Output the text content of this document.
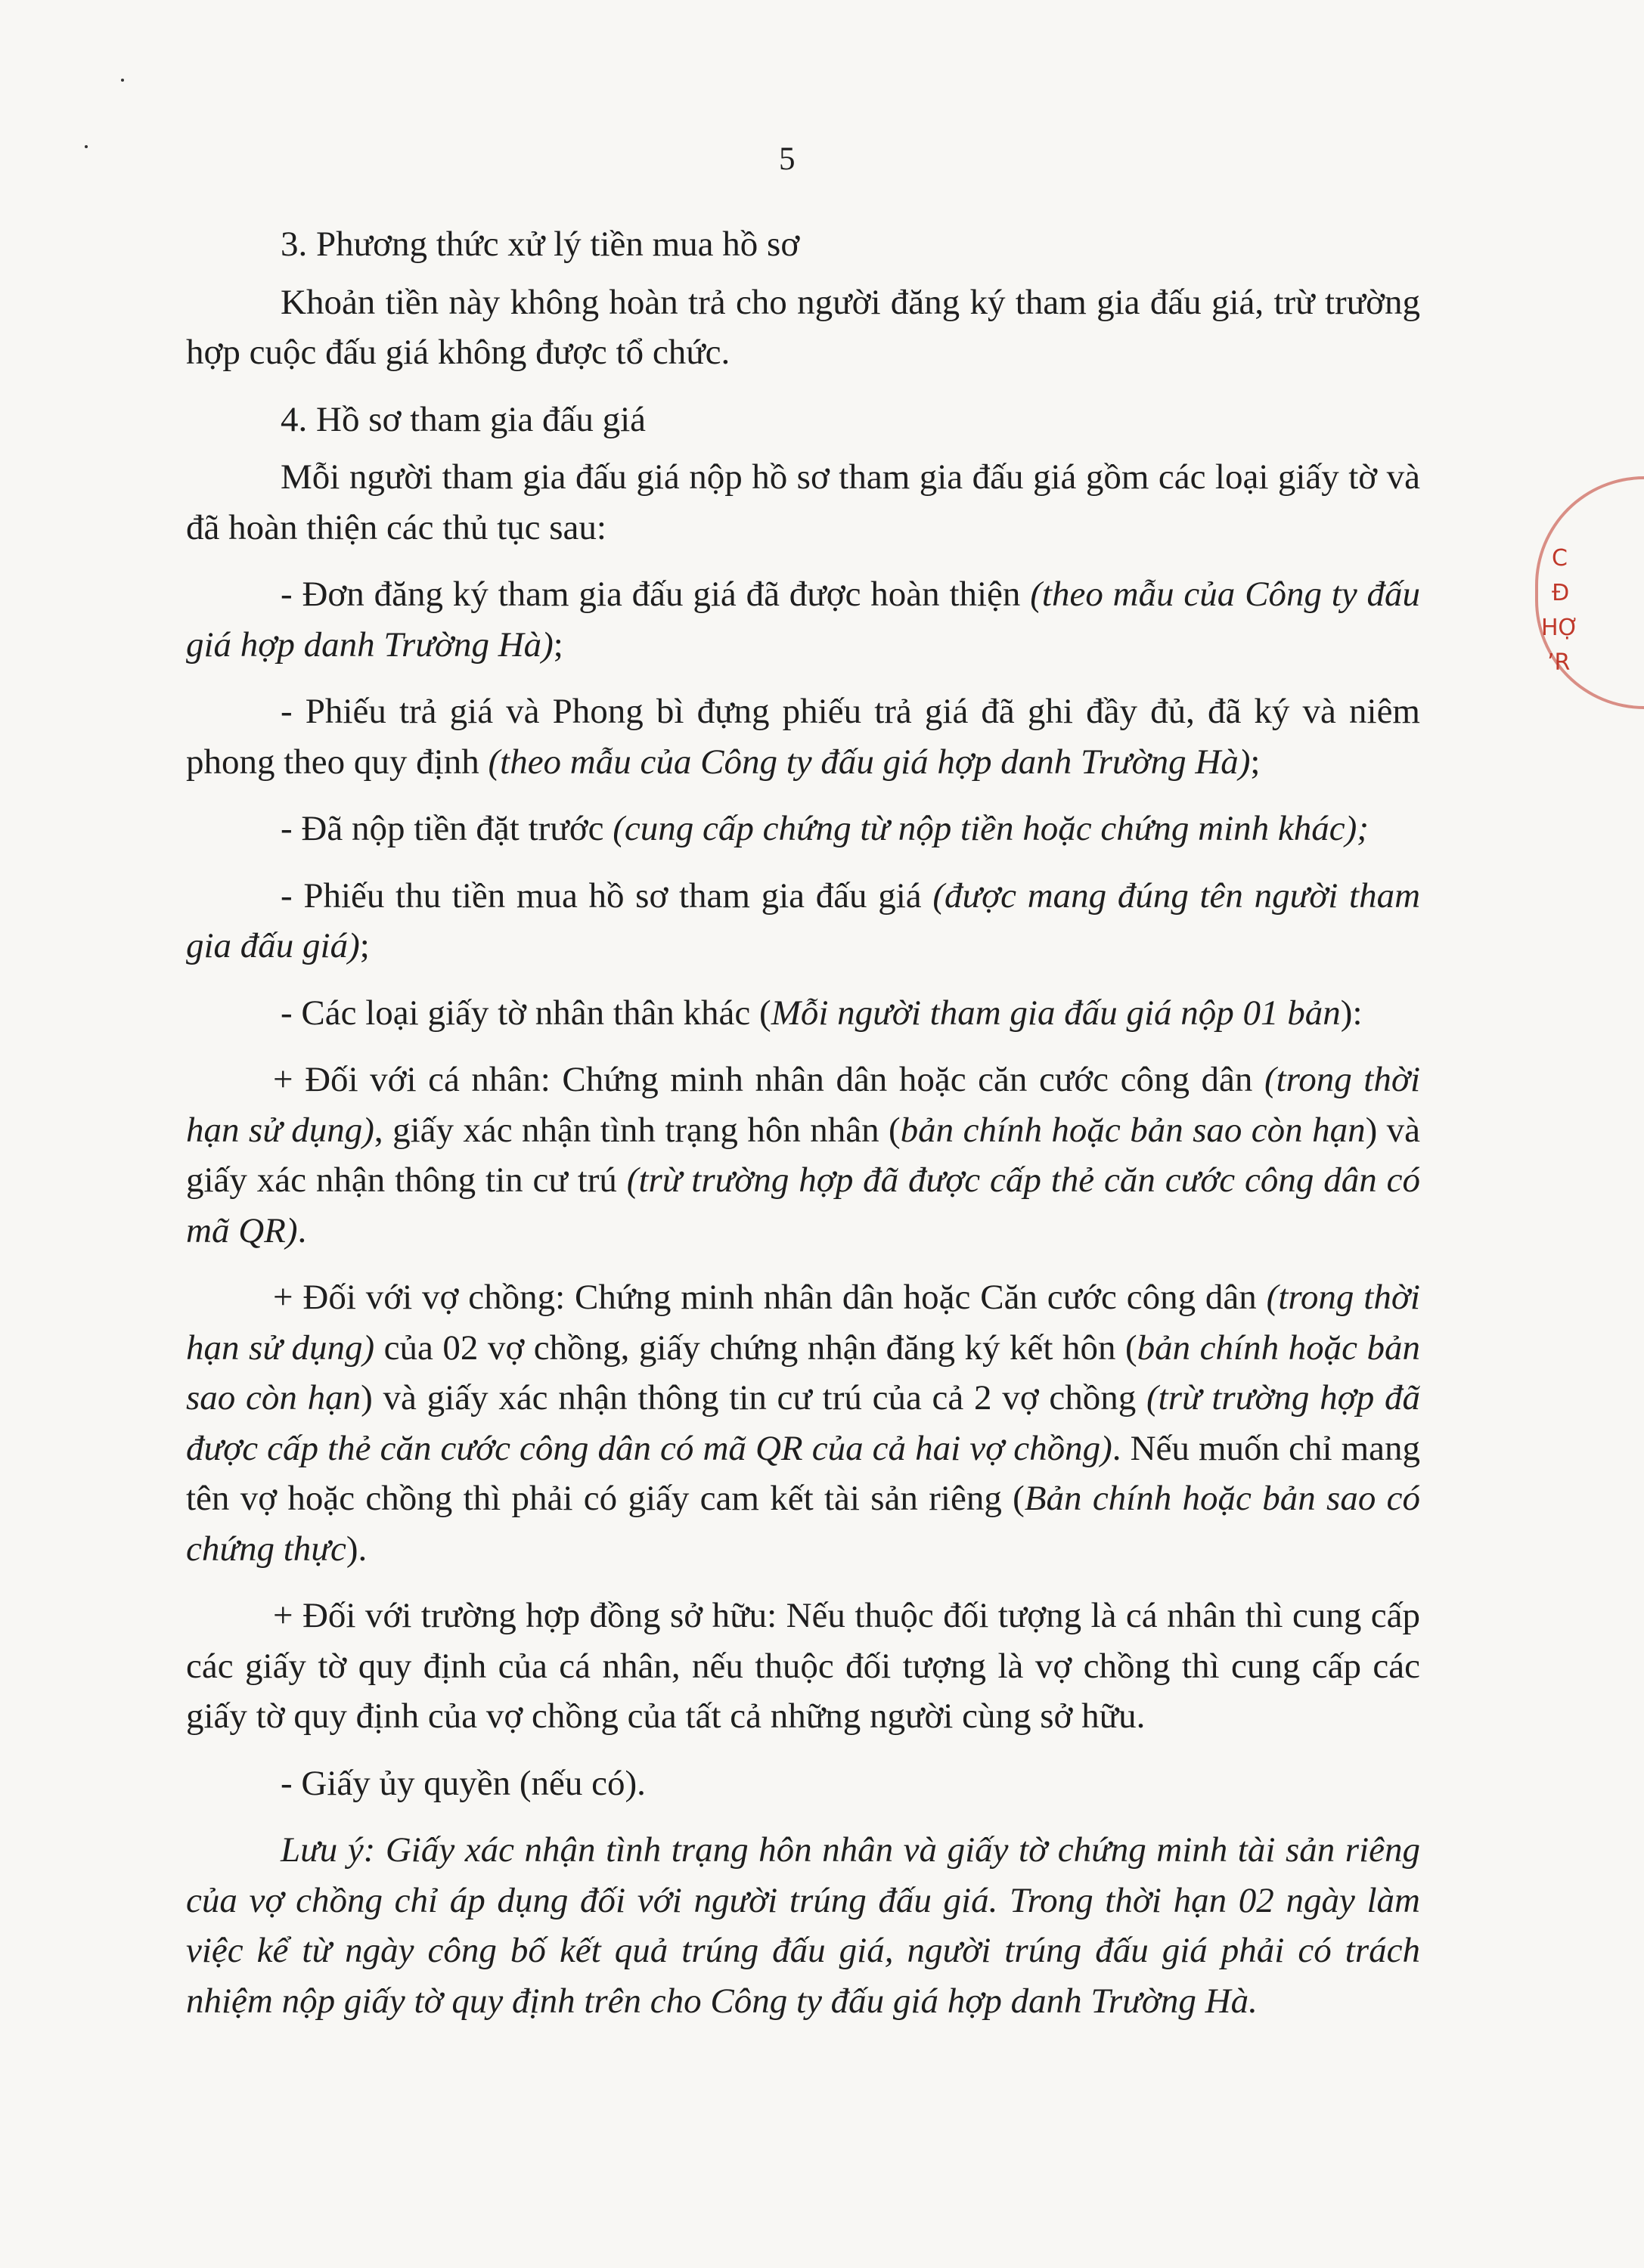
5
C
Đ
HỢ
ʼR

3. Phương thức xử lý tiền mua hồ sơ

Khoản tiền này không hoàn trả cho người đăng ký tham gia đấu giá, trừ trường hợp cuộc đấu giá không được tổ chức.

4. Hồ sơ tham gia đấu giá

Mỗi người tham gia đấu giá nộp hồ sơ tham gia đấu giá gồm các loại giấy tờ và đã hoàn thiện các thủ tục sau:

- Đơn đăng ký tham gia đấu giá đã được hoàn thiện (theo mẫu của Công ty đấu giá hợp danh Trường Hà);

- Phiếu trả giá và Phong bì đựng phiếu trả giá đã ghi đầy đủ, đã ký và niêm phong theo quy định (theo mẫu của Công ty đấu giá hợp danh Trường Hà);

- Đã nộp tiền đặt trước (cung cấp chứng từ nộp tiền hoặc chứng minh khác);

- Phiếu thu tiền mua hồ sơ tham gia đấu giá (được mang đúng tên người tham gia đấu giá);

- Các loại giấy tờ nhân thân khác (Mỗi người tham gia đấu giá nộp 01 bản):

+ Đối với cá nhân: Chứng minh nhân dân hoặc căn cước công dân (trong thời hạn sử dụng), giấy xác nhận tình trạng hôn nhân (bản chính hoặc bản sao còn hạn) và giấy xác nhận thông tin cư trú (trừ trường hợp đã được cấp thẻ căn cước công dân có mã QR).

+ Đối với vợ chồng: Chứng minh nhân dân hoặc Căn cước công dân (trong thời hạn sử dụng) của 02 vợ chồng, giấy chứng nhận đăng ký kết hôn (bản chính hoặc bản sao còn hạn) và giấy xác nhận thông tin cư trú của cả 2 vợ chồng (trừ trường hợp đã được cấp thẻ căn cước công dân có mã QR của cả hai vợ chồng). Nếu muốn chỉ mang tên vợ hoặc chồng thì phải có giấy cam kết tài sản riêng (Bản chính hoặc bản sao có chứng thực).

+ Đối với trường hợp đồng sở hữu: Nếu thuộc đối tượng là cá nhân thì cung cấp các giấy tờ quy định của cá nhân, nếu thuộc đối tượng là vợ chồng thì cung cấp các giấy tờ quy định của vợ chồng của tất cả những người cùng sở hữu.

- Giấy ủy quyền (nếu có).

Lưu ý: Giấy xác nhận tình trạng hôn nhân và giấy tờ chứng minh tài sản riêng của vợ chồng chỉ áp dụng đối với người trúng đấu giá. Trong thời hạn 02 ngày làm việc kể từ ngày công bố kết quả trúng đấu giá, người trúng đấu giá phải có trách nhiệm nộp giấy tờ quy định trên cho Công ty đấu giá hợp danh Trường Hà.
